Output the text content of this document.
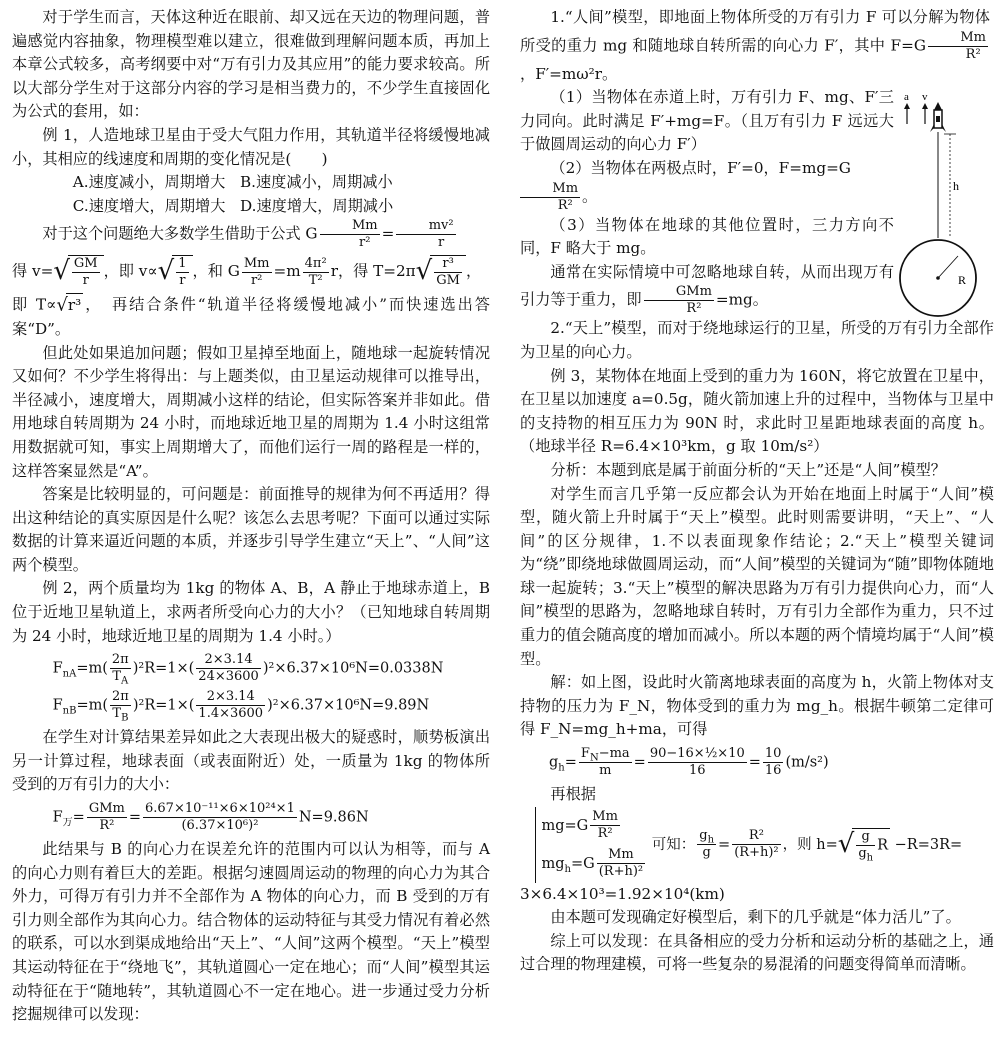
对于学生而言，天体这种近在眼前、却又远在天边的物理问题，普遍感觉内容抽象，物理模型难以建立，很难做到理解问题本质，再加上本章公式较多，高考纲要中对“万有引力及其应用”的能力要求较高。所以大部分学生对于这部分内容的学习是相当费力的，不少学生直接固化为公式的套用，如：

例 1，人造地球卫星由于受大气阻力作用，其轨道半径将缓慢地减小，其相应的线速度和周期的变化情况是(　　)

A.速度减小，周期增大 B.速度减小，周期减小
C.速度增大，周期增大 D.速度增大，周期减小

对于这个问题绝大多数学生借助于公式 G $\frac{Mm}{\text{r²}} = \frac{\text{mv²}}{r}$

得 $v=√ \frac{GM}{r}$ ，即 $v\propto√ \frac{1}{r}$ ，和 G $\frac{Mm}{\text{r²}} =m \frac{\text{4π²}}{\text{T²}}$ r，得 $T=2\pi√ \frac{\text{r³}}{GM}$ ，

即 T∝√r³ ，　再结合条件“轨道半径将缓慢地减小”而快速选出答案“D”。

但此处如果追加问题；假如卫星掉至地面上，随地球一起旋转情况又如何？不少学生将得出：与上题类似，由卫星运动规律可以推导出，半径减小，速度增大，周期减小这样的结论，但实际答案并非如此。借用地球自转周期为 24 小时，而地球近地卫星的周期为 1.4 小时这组常用数据就可知，事实上周期增大了，而他们运行一周的路程是一样的，这样答案显然是“A”。

答案是比较明显的，可问题是：前面推导的规律为何不再适用？得出这种结论的真实原因是什么呢？该怎么去思考呢？下面可以通过实际数据的计算来逼近问题的本质，并逐步引导学生建立“天上”、“人间”这两个模型。

例 2，两个质量均为 1kg 的物体 A、B，A 静止于地球赤道上，B 位于近地卫星轨道上，求两者所受向心力的大小？（已知地球自转周期为 24 小时，地球近地卫星的周期为 1.4 小时。）

$F_{nA}=m( \frac{2\pi}{T_A} )^2R=1\times( \frac{2\times 3.14}{24\times 3600} )^2\times 6.37\times 10^6N=0.0338N$
$F_{nB}=m( \frac{2\pi}{T_B} )^2R=1\times( \frac{2\times 3.14}{1.4\times 3600} )^2\times 6.37\times 10^6N=9.89N$

在学生对计算结果差异如此之大表现出极大的疑惑时，顺势板演出另一计算过程，地球表面（或表面附近）处，一质量为 1kg 的物体所受到的万有引力的大小：

$F_万=$
GMm
R²	= $\frac{\text{6.67×10⁻¹¹×6×10²⁴×1}}{\text{(6.37×10⁶)²}} N=9.86N$

此结果与 B 的向心力在误差允许的范围内可以认为相等，而与 A 的向心力则有着巨大的差距。根据匀速圆周运动的物理的向心力为其合外力，可得万有引力并不全部作为 A 物体的向心力，而 B 受到的万有引力则全部作为其向心力。结合物体的运动特征与其受力情况有着必然的联系，可以水到渠成地给出“天上”、“人间”这两个模型。“天上”模型其运动特征在于“绕地飞”，其轨道圆心一定在地心；而“人间”模型其运动特征在于“随地转”，其轨道圆心不一定在地心。进一步通过受力分析挖掘规律可以发现：

1.“人间”模型，即地面上物体所受的万有引力 F 可以分解为物体所受的重力 mg 和随地球自转所需的向心力 F′，其中 $F=G \frac{Mm}{\text{R²}}$
，F′=mω²r。

（1）当物体在赤道上时，万有引力 F、mg、F′三力同向。此时满足 F′+mg=F。（且万有引力 F 远远大于做圆周运动的向心力 F′）

（2）当物体在两极点时，F′=0，F=mg=G

$\frac{Mm}{\text{R²}}$ 。

（3）当物体在地球的其他位置时，三力方向不同，F 略大于 mg。

通常在实际情境中可忽略地球自转，从而出现万有引力等于重力，即	GMm
R² =mg。

2.“天上”模型，而对于绕地球运行的卫星，所受的万有引力全部作为卫星的向心力。

例 3，某物体在地面上受到的重力为 160N，将它放置在卫星中，在卫星以加速度 a=0.5g，随火箭加速上升的过程中，当物体与卫星中的支持物的相互压力为 90N 时，求此时卫星距地球表面的高度 h。（地球半径 R=6.4×10³km，g 取 10m/s²）

分析：本题到底是属于前面分析的“天上”还是“人间”模型？

对学生而言几乎第一反应都会认为开始在地面上时属于“人间”模型，随火箭上升时属于“天上”模型。此时则需要讲明，“天上”、“人间”的区分规律，1.不以表面现象作结论；2.“天上”模型关键词为“绕”即绕地球做圆周运动，而“人间”模型的关键词为“随”即物体随地球一起旋转；3.“天上”模型的解决思路为万有引力提供向心力，而“人间”模型的思路为，忽略地球自转时，万有引力全部作为重力，只不过重力的值会随高度的增加而减小。所以本题的两个情境均属于“人间”模型。

解：如上图，设此时火箭离地球表面的高度为 h，火箭上物体对支持物的压力为 F_N，物体受到的重力为 mg_h。根据牛顿第二定律可得 F_N=mg_h+ma，可得

$g_h= \frac{F_N-ma}{m} = \frac{\text{90−16×½×10}}{16} = \frac{10}{16} (m/s^2)$

再根据

$mg=G \frac{Mm}{\text{R²}}$
$mg_h=G \frac{Mm}{\text{(R+h)²}}$
可知： $\frac{g_h}{g} = \frac{\text{R²}}{\text{(R+h)²}}$ ，则 $h=√ \frac{g}{g_h}$ R −R=3R=

3×6.4×10³=1.92×10⁴(km)

由本题可发现确定好模型后，剩下的几乎就是“体力活儿”了。

综上可以发现：在具备相应的受力分析和运动分析的基础之上，通过合理的物理建模，可将一些复杂的易混淆的问题变得简单而清晰。

a v
h
R
